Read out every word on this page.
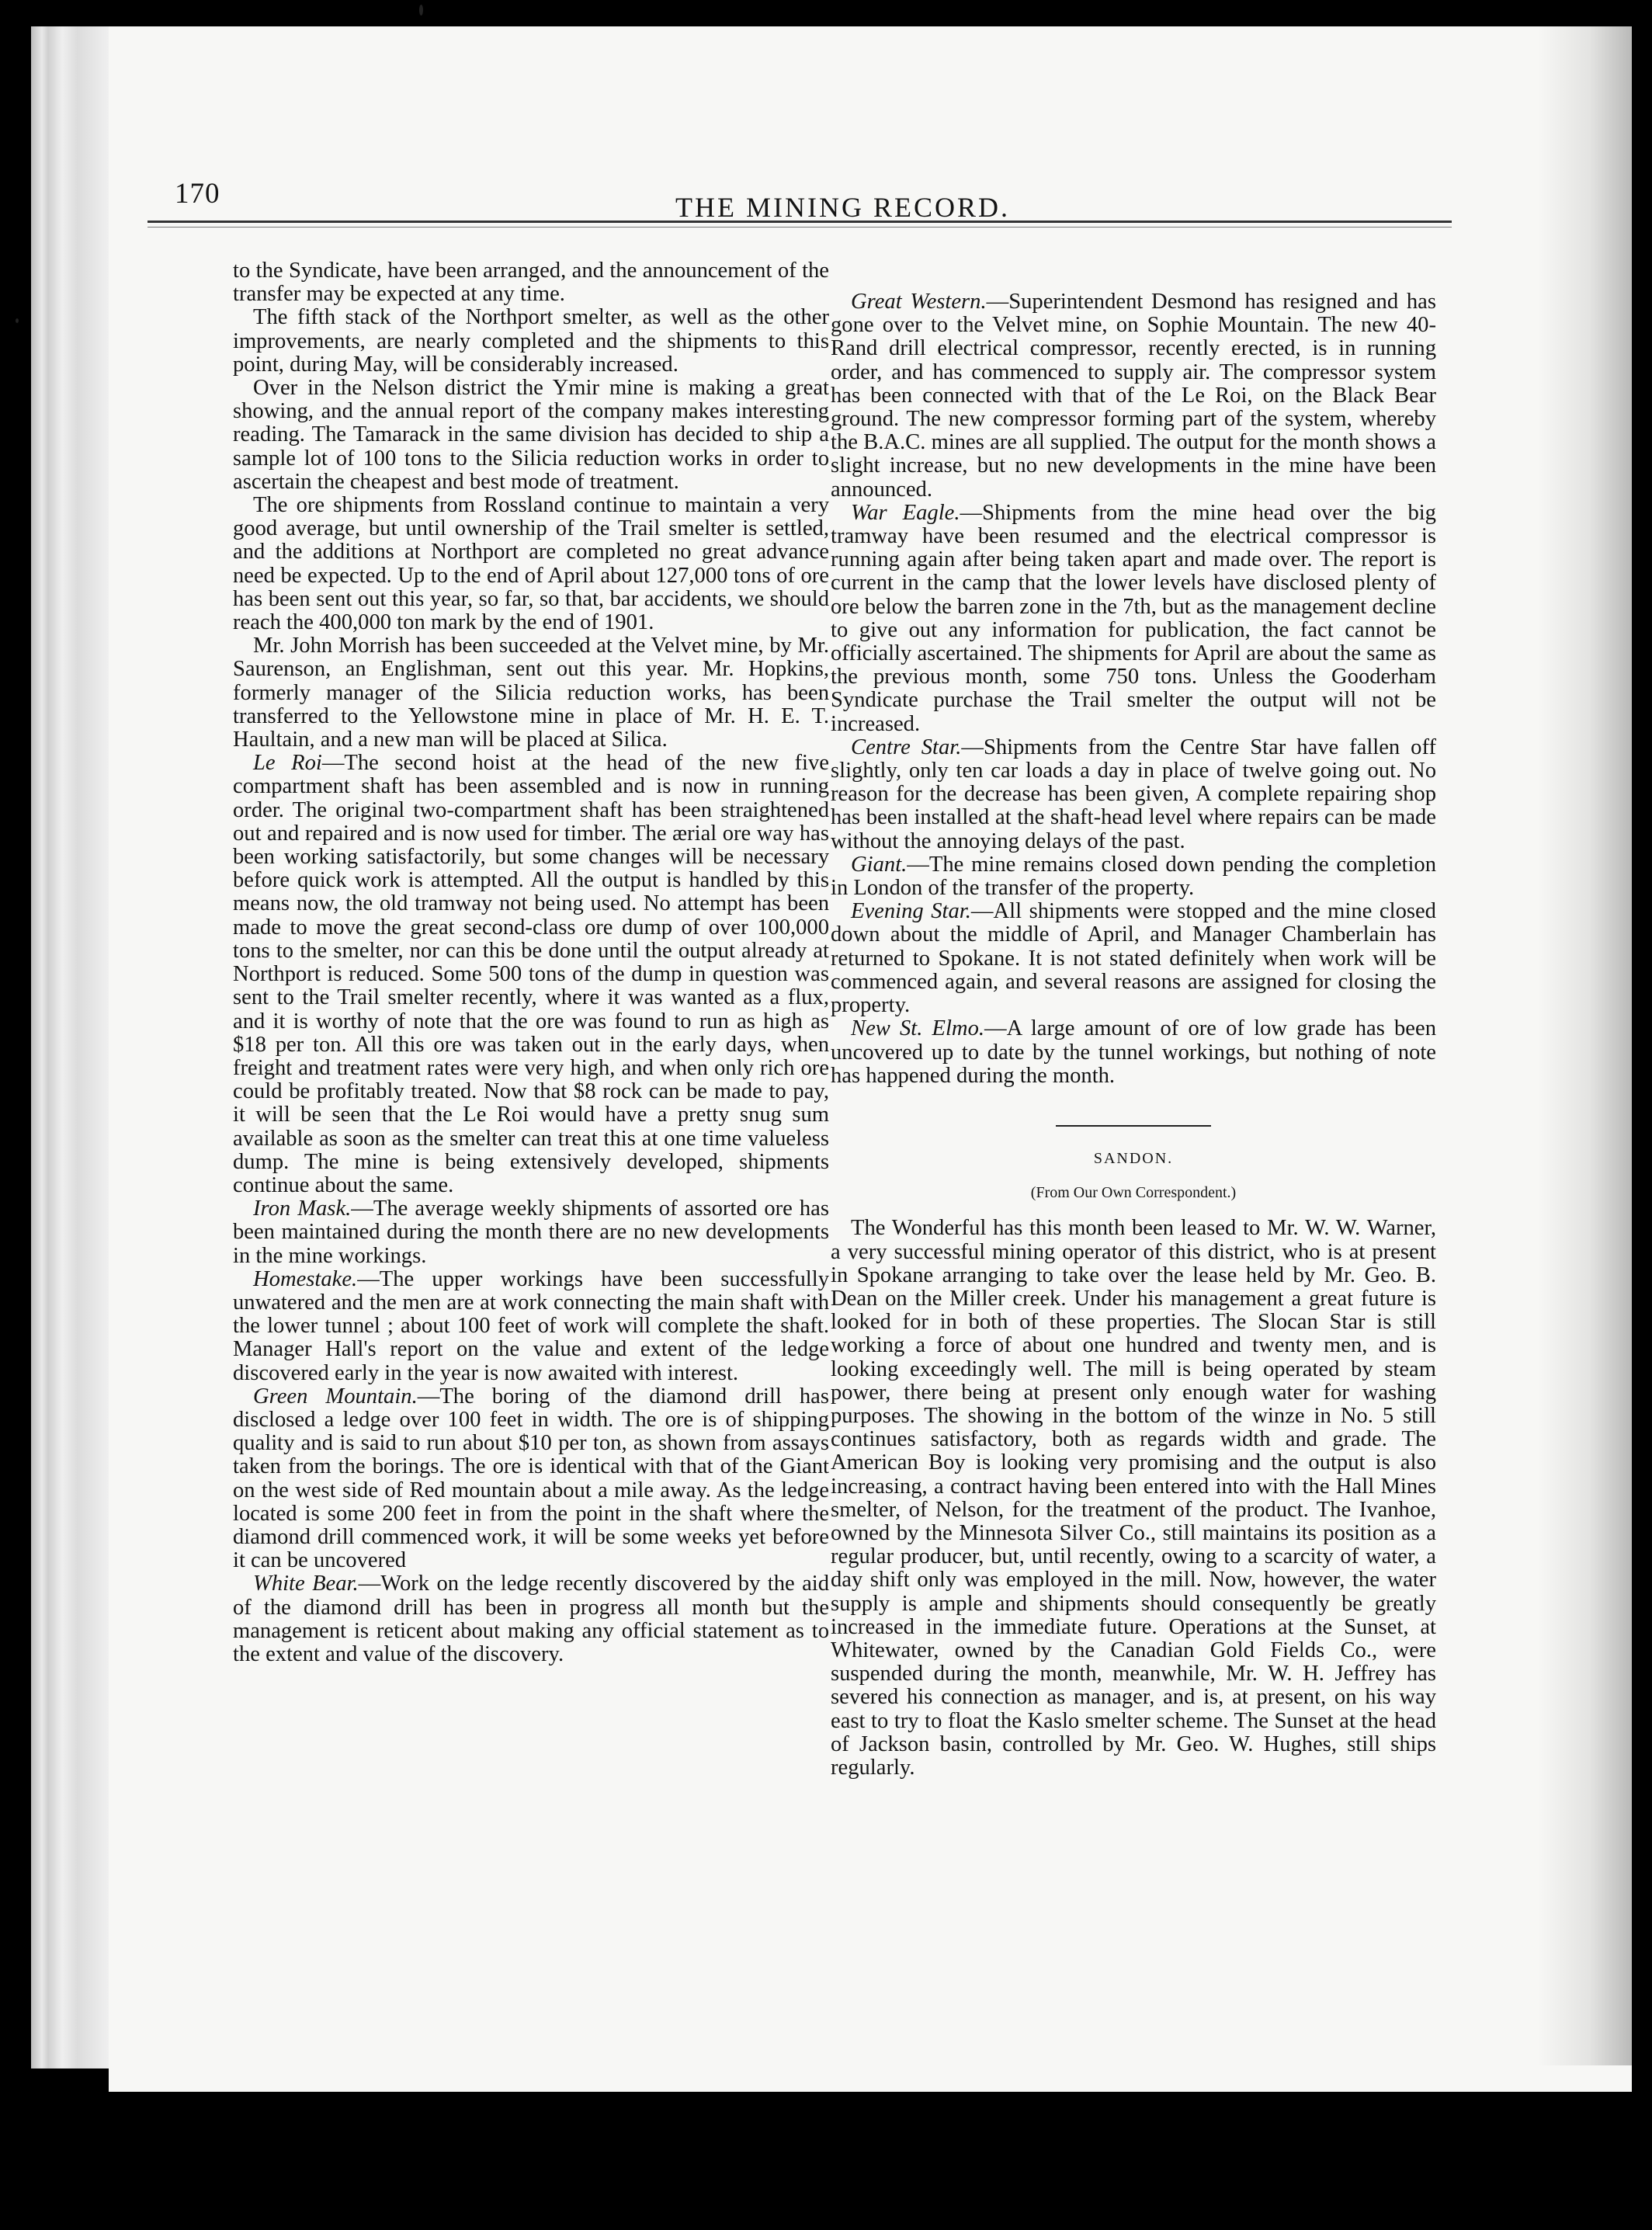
170	THE MINING RECORD.

to the Syndicate, have been arranged, and the announcement of the transfer may be expected at any time.

The fifth stack of the Northport smelter, as well as the other improvements, are nearly completed and the shipments to this point, during May, will be considerably increased.

Over in the Nelson district the Ymir mine is making a great showing, and the annual report of the company makes interesting reading. The Tamarack in the same division has decided to ship a sample lot of 100 tons to the Silicia reduction works in order to ascertain the cheapest and best mode of treatment.

The ore shipments from Rossland continue to maintain a very good average, but until ownership of the Trail smelter is settled, and the additions at Northport are completed no great advance need be expected. Up to the end of April about 127,000 tons of ore has been sent out this year, so far, so that, bar accidents, we should reach the 400,000 ton mark by the end of 1901.

Mr. John Morrish has been succeeded at the Velvet mine, by Mr. Saurenson, an Englishman, sent out this year. Mr. Hopkins, formerly manager of the Silicia reduction works, has been transferred to the Yellowstone mine in place of Mr. H. E. T. Haultain, and a new man will be placed at Silica.

Le Roi—The second hoist at the head of the new five compartment shaft has been assembled and is now in running order. The original two-compartment shaft has been straightened out and repaired and is now used for timber. The ærial ore way has been working satisfactorily, but some changes will be necessary before quick work is attempted. All the output is handled by this means now, the old tramway not being used. No attempt has been made to move the great second-class ore dump of over 100,000 tons to the smelter, nor can this be done until the output already at Northport is reduced. Some 500 tons of the dump in question was sent to the Trail smelter recently, where it was wanted as a flux, and it is worthy of note that the ore was found to run as high as $18 per ton. All this ore was taken out in the early days, when freight and treatment rates were very high, and when only rich ore could be profitably treated. Now that $8 rock can be made to pay, it will be seen that the Le Roi would have a pretty snug sum available as soon as the smelter can treat this at one time valueless dump. The mine is being extensively developed, shipments continue about the same.

Iron Mask.—The average weekly shipments of assorted ore has been maintained during the month there are no new developments in the mine workings.

Homestake.—The upper workings have been successfully unwatered and the men are at work connecting the main shaft with the lower tunnel ; about 100 feet of work will complete the shaft. Manager Hall's report on the value and extent of the ledge discovered early in the year is now awaited with interest.

Green Mountain.—The boring of the diamond drill has disclosed a ledge over 100 feet in width. The ore is of shipping quality and is said to run about $10 per ton, as shown from assays taken from the borings. The ore is identical with that of the Giant on the west side of Red mountain about a mile away. As the ledge located is some 200 feet in from the point in the shaft where the diamond drill commenced work, it will be some weeks yet before it can be uncovered

White Bear.—Work on the ledge recently discovered by the aid of the diamond drill has been in progress all month but the management is reticent about making any official statement as to the extent and value of the discovery.

Great Western.—Superintendent Desmond has resigned and has gone over to the Velvet mine, on Sophie Mountain. The new 40-Rand drill electrical compressor, recently erected, is in running order, and has commenced to supply air. The compressor system has been connected with that of the Le Roi, on the Black Bear ground. The new compressor forming part of the system, whereby the B.A.C. mines are all supplied. The output for the month shows a slight increase, but no new developments in the mine have been announced.

War Eagle.—Shipments from the mine head over the big tramway have been resumed and the electrical compressor is running again after being taken apart and made over. The report is current in the camp that the lower levels have disclosed plenty of ore below the barren zone in the 7th, but as the management decline to give out any information for publication, the fact cannot be officially ascertained. The shipments for April are about the same as the previous month, some 750 tons. Unless the Gooderham Syndicate purchase the Trail smelter the output will not be increased.

Centre Star.—Shipments from the Centre Star have fallen off slightly, only ten car loads a day in place of twelve going out. No reason for the decrease has been given, A complete repairing shop has been installed at the shaft-head level where repairs can be made without the annoying delays of the past.

Giant.—The mine remains closed down pending the completion in London of the transfer of the property.

Evening Star.—All shipments were stopped and the mine closed down about the middle of April, and Manager Chamberlain has returned to Spokane. It is not stated definitely when work will be commenced again, and several reasons are assigned for closing the property.

New St. Elmo.—A large amount of ore of low grade has been uncovered up to date by the tunnel workings, but nothing of note has happened during the month.

SANDON.
(From Our Own Correspondent.)

The Wonderful has this month been leased to Mr. W. W. Warner, a very successful mining operator of this district, who is at present in Spokane arranging to take over the lease held by Mr. Geo. B. Dean on the Miller creek. Under his management a great future is looked for in both of these properties. The Slocan Star is still working a force of about one hundred and twenty men, and is looking exceedingly well. The mill is being operated by steam power, there being at present only enough water for washing purposes. The showing in the bottom of the winze in No. 5 still continues satisfactory, both as regards width and grade. The American Boy is looking very promising and the output is also increasing, a contract having been entered into with the Hall Mines smelter, of Nelson, for the treatment of the product. The Ivanhoe, owned by the Minnesota Silver Co., still maintains its position as a regular producer, but, until recently, owing to a scarcity of water, a day shift only was employed in the mill. Now, however, the water supply is ample and shipments should consequently be greatly increased in the immediate future. Operations at the Sunset, at Whitewater, owned by the Canadian Gold Fields Co., were suspended during the month, meanwhile, Mr. W. H. Jeffrey has severed his connection as manager, and is, at present, on his way east to try to float the Kaslo smelter scheme. The Sunset at the head of Jackson basin, controlled by Mr. Geo. W. Hughes, still ships regularly.
